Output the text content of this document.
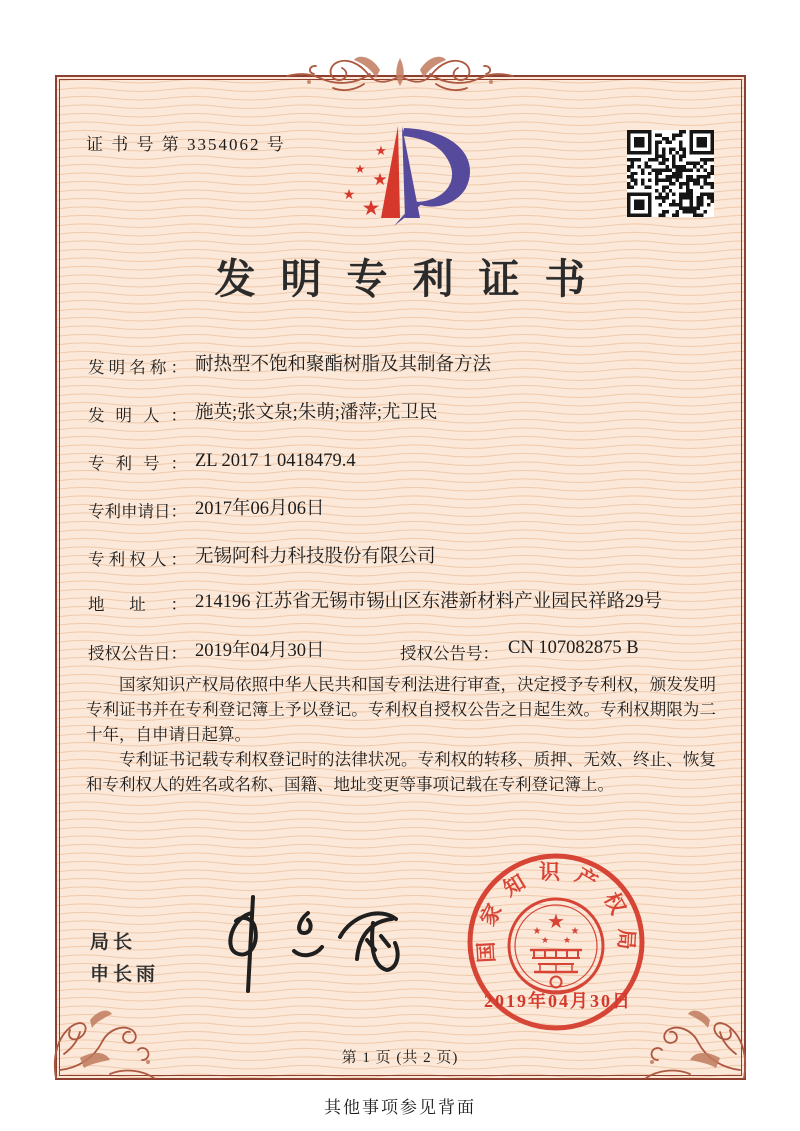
证 书 号 第 3354062 号	★
★
★
★
★
发明专利证书
发明名称： 耐热型不饱和聚酯树脂及其制备方法
发明人： 施英;张文泉;朱萌;潘萍;尤卫民
专利号： ZL 2017 1 0418479.4
专利申请日： 2017年06月06日
专利权人： 无锡阿科力科技股份有限公司
地址： 214196 江苏省无锡市锡山区东港新材料产业园民祥路29号
授权公告日： 2019年04月30日	授权公告号： CN 107082875 B

国家知识产权局依照中华人民共和国专利法进行审查，决定授予专利权，颁发发明专利证书并在专利登记簿上予以登记。专利权自授权公告之日起生效。专利权期限为二十年，自申请日起算。

专利证书记载专利权登记时的法律状况。专利权的转移、质押、无效、终止、恢复和专利权人的姓名或名称、国籍、地址变更等事项记载在专利登记簿上。

局长
申长雨
国家知识产权局
★
★	★
★ ★
2019年04月30日
第 1 页 (共 2 页)
其他事项参见背面
